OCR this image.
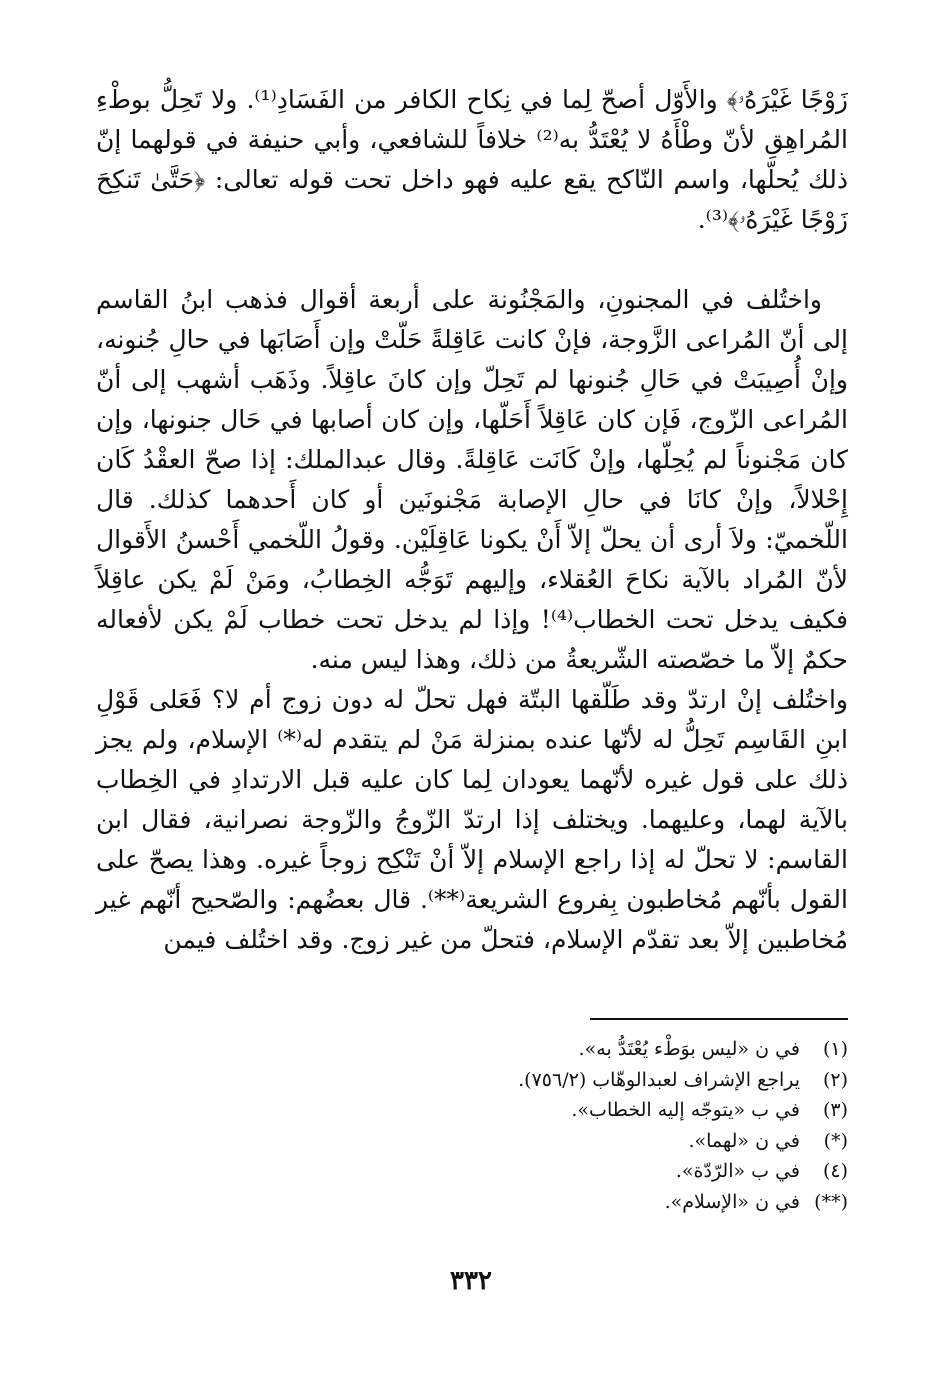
زَوْجًا غَيْرَهُۥ﴾ والأَوّل أصحّ لِما في نِكاح الكافر من الفَسَادِ⁽¹⁾. ولا تَحِلُّ بوطْءِ المُراهِقِ لأنّ وطْأَهُ لا يُعْتَدُّ به⁽²⁾ خلافاً للشافعي، وأبي حنيفة في قولهما إنّ ذلك يُحلّها، واسم النّاكح يقع عليه فهو داخل تحت قوله تعالى: ﴿حَتَّىٰ تَنكِحَ زَوْجًا غَيْرَهُۥ﴾⁽³⁾.

واختُلف في المجنونِ، والمَجْنُونة على أربعة أقوال فذهب ابنُ القاسم إلى أنّ المُراعى الزَّوجة، فإنْ كانت عَاقِلةً حَلّتْ وإن أَصَابَها في حالِ جُنونه، وإنْ أُصِيبَتْ في حَالِ جُنونها لم تَحِلّ وإن كانَ عاقِلاً. وذَهَب أشهب إلى أنّ المُراعى الزّوج، فَإن كان عَاقِلاً أَحَلّها، وإن كان أصابها في حَال جنونها، وإن كان مَجْنوناً لم يُحِلّها، وإنْ كَانَت عَاقِلةً. وقال عبدالملك: إذا صحّ العقْدُ كَان إِحْلالاً، وإنْ كانَا في حالِ الإصابة مَجْنونَين أو كان أَحدهما كذلك. قال اللّخميّ: ولاَ أرى أن يحلّ إلاّ أَنْ يكونا عَاقِلَيْن. وقولُ اللّخمي أَحْسنُ الأَقوال لأنّ المُراد بالآية نكاحَ العُقلاء، وإليهم تَوَجُّه الخِطابُ، ومَنْ لَمْ يكن عاقِلاً فكيف يدخل تحت الخطاب⁽⁴⁾! وإذا لم يدخل تحت خطاب لَمْ يكن لأفعاله حكمٌ إلاّ ما خصّصته الشّريعةُ من ذلك، وهذا ليس منه.

واختُلف إنْ ارتدّ وقد طَلّقها البتّة فهل تحلّ له دون زوج أم لا؟ فَعَلى قَوْلِ ابنِ القَاسِم تَحِلُّ له لأنّها عنده بمنزلة مَنْ لم يتقدم له⁽*⁾ الإسلام، ولم يجز ذلك على قول غيره لأنّهما يعودان لِما كان عليه قبل الارتدادِ في الخِطاب بالآية لهما، وعليهما. ويختلف إذا ارتدّ الزّوجُ والزّوجة نصرانية، فقال ابن القاسم: لا تحلّ له إذا راجع الإسلام إلاّ أنْ تَنْكِح زوجاً غيره. وهذا يصحّ على القول بأنّهم مُخاطبون بِفروع الشريعة⁽**⁾. قال بعضُهم: والصّحيح أنّهم غير مُخاطبين إلاّ بعد تقدّم الإسلام، فتحلّ من غير زوج. وقد اختُلف فيمن

(١)
في ن «ليس بوَطْء يُعْتَدُّ به».
(٢)
يراجع الإشراف لعبدالوهّاب (٧٥٦/٢).
(٣)
في ب «يتوجّه إليه الخطاب».
(*)
في ن «لهما».
(٤)
في ب «الرّدّة».
(**)
في ن «الإسلام».
٣٣٢
